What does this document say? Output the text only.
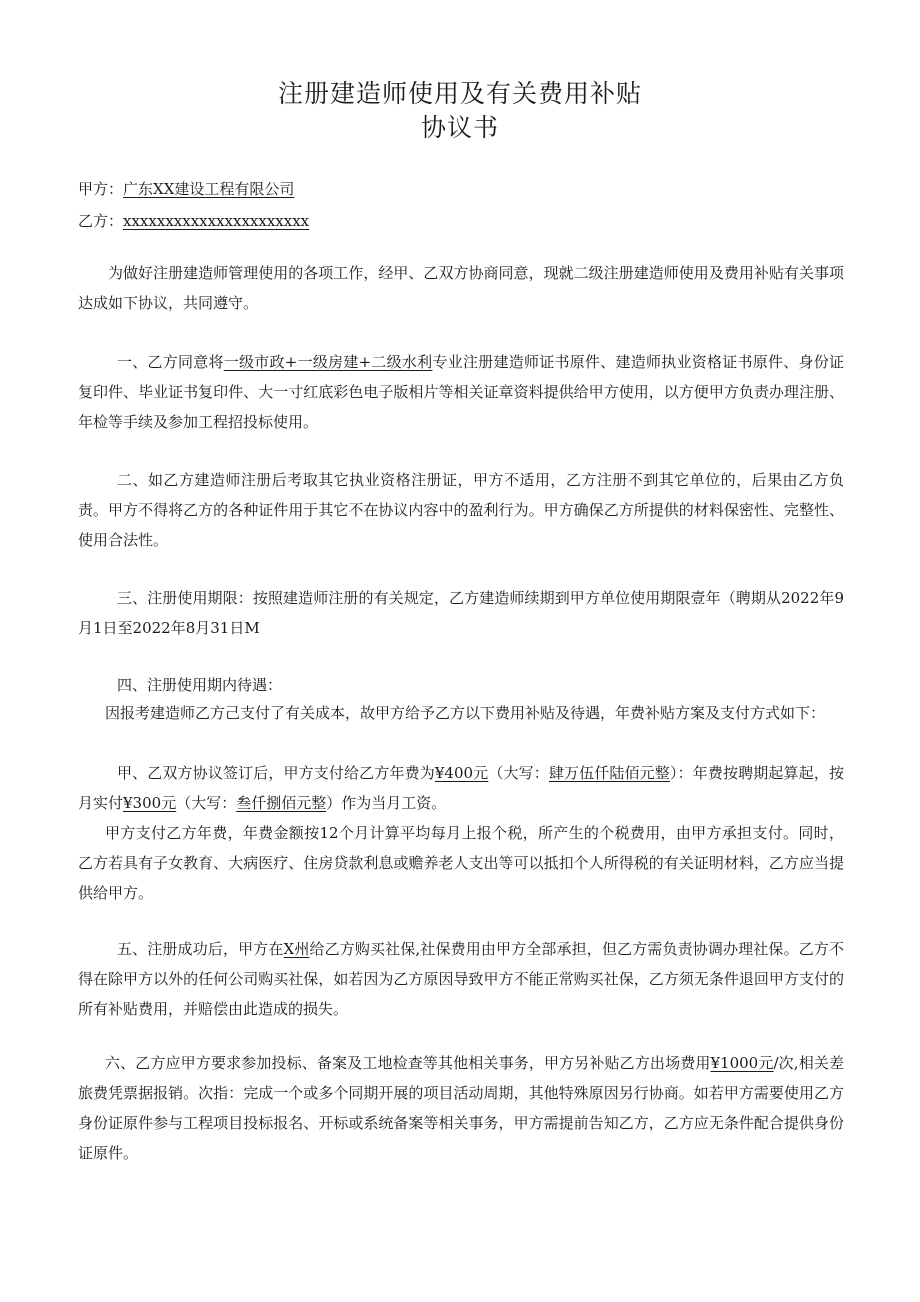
注册建造师使用及有关费用补贴
协议书
甲方：广东XX建设工程有限公司
乙方：xxxxxxxxxxxxxxxxxxxxxx

为做好注册建造师管理使用的各项工作，经甲、乙双方协商同意，现就二级注册建造师使用及费用补贴有关事项达成如下协议，共同遵守。

一、乙方同意将一级市政+一级房建+二级水利专业注册建造师证书原件、建造师执业资格证书原件、身份证复印件、毕业证书复印件、大一寸红底彩色电子版相片等相关证章资料提供给甲方使用，以方便甲方负责办理注册、年检等手续及参加工程招投标使用。

二、如乙方建造师注册后考取其它执业资格注册证，甲方不适用，乙方注册不到其它单位的，后果由乙方负责。甲方不得将乙方的各种证件用于其它不在协议内容中的盈利行为。甲方确保乙方所提供的材料保密性、完整性、使用合法性。

三、注册使用期限：按照建造师注册的有关规定，乙方建造师续期到甲方单位使用期限壹年（聘期从2022年9月1日至2022年8月31日M

四、注册使用期内待遇：

因报考建造师乙方己支付了有关成本，故甲方给予乙方以下费用补贴及待遇，年费补贴方案及支付方式如下：

甲、乙双方协议签订后，甲方支付给乙方年费为¥400元（大写：肆万伍仟陆佰元整）：年费按聘期起算起，按月实付¥300元（大写：叁仟捌佰元整）作为当月工资。

甲方支付乙方年费，年费金额按12个月计算平均每月上报个税，所产生的个税费用，由甲方承担支付。同时，乙方若具有子女教育、大病医疗、住房贷款利息或赡养老人支出等可以抵扣个人所得税的有关证明材料，乙方应当提供给甲方。

五、注册成功后，甲方在X州给乙方购买社保,社保费用由甲方全部承担，但乙方需负责协调办理社保。乙方不得在除甲方以外的任何公司购买社保，如若因为乙方原因导致甲方不能正常购买社保，乙方须无条件退回甲方支付的所有补贴费用，并赔偿由此造成的损失。

六、乙方应甲方要求参加投标、备案及工地检查等其他相关事务，甲方另补贴乙方出场费用¥1000元/次,相关差旅费凭票据报销。次指：完成一个或多个同期开展的项目活动周期，其他特殊原因另行协商。如若甲方需要使用乙方身份证原件参与工程项目投标报名、开标或系统备案等相关事务，甲方需提前告知乙方，乙方应无条件配合提供身份证原件。
